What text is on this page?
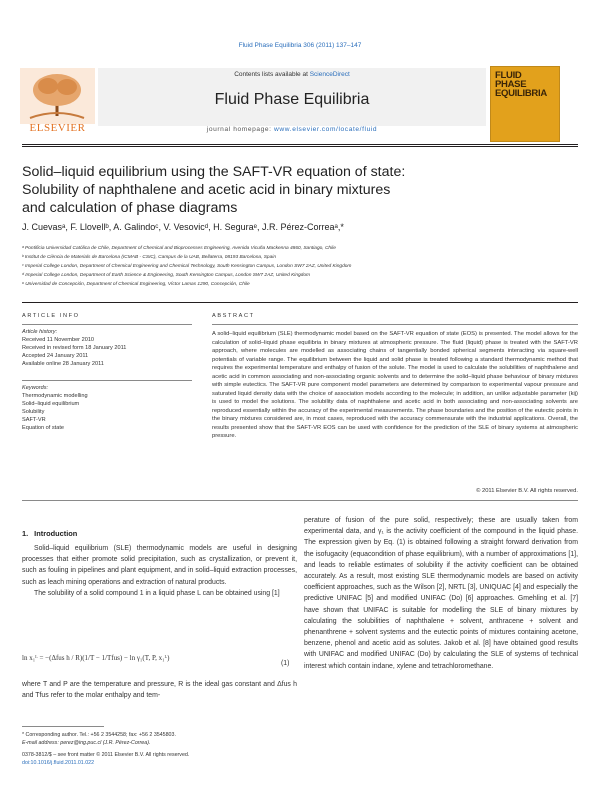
Fluid Phase Equilibria 306 (2011) 137–147
ELSEVIER
Contents lists available at ScienceDirect
Fluid Phase Equilibria
journal homepage: www.elsevier.com/locate/fluid
FLUID PHASE
EQUILIBRIA
Solid–liquid equilibrium using the SAFT-VR equation of state:
Solubility of naphthalene and acetic acid in binary mixtures
and calculation of phase diagrams
J. Cuevasᵃ, F. Llovellᵇ, A. Galindoᶜ, V. Vesovicᵈ, H. Seguraᵉ, J.R. Pérez-Correaᵃ,*
ᵃ Pontificia Universidad Católica de Chile, Department of Chemical and Bioprocesses Engineering, Avenida Vicuña Mackenna 4860, Santiago, Chile
ᵇ Institut de Ciència de Materials de Barcelona (ICMAB - CSIC), Campus de la UAB, Bellaterra, 08193 Barcelona, Spain
ᶜ Imperial College London, Department of Chemical Engineering and Chemical Technology, South Kensington Campus, London SW7 2AZ, United Kingdom
ᵈ Imperial College London, Department of Earth Science & Engineering, South Kensington Campus, London SW7 2AZ, United Kingdom
ᵉ Universidad de Concepción, Department of Chemical Engineering, Víctor Lamas 1290, Concepción, Chile
ARTICLE INFO
Article history:
Received 11 November 2010
Received in revised form 18 January 2011
Accepted 24 January 2011
Available online 28 January 2011
Keywords:
Thermodynamic modelling
Solid–liquid equilibrium
Solubility
SAFT-VR
Equation of state
ABSTRACT
A solid–liquid equilibrium (SLE) thermodynamic model based on the SAFT-VR equation of state (EOS) is presented. The model allows for the calculation of solid–liquid phase equilibria in binary mixtures at atmospheric pressure. The fluid (liquid) phase is treated with the SAFT-VR approach, where molecules are modelled as associating chains of tangentially bonded spherical segments interacting via square-well potentials of variable range. The equilibrium between the liquid and solid phase is treated following a standard thermodynamic method that requires the experimental temperature and enthalpy of fusion of the solute. The model is used to calculate the solubilities of naphthalene and acetic acid in common associating and non-associating organic solvents and to determine the solid–liquid phase behaviour of binary mixtures with simple eutectics. The SAFT-VR pure component model parameters are determined by comparison to experimental vapour pressure and saturated liquid density data with the choice of association models according to the molecule; in addition, an unlike adjustable parameter (kij) is used to model the solutions. The solubility data of naphthalene and acetic acid in both associating and non-associating solvents are reproduced essentially within the accuracy of the experimental measurements. The phase boundaries and the position of the eutectic points in the binary mixtures considered are, in most cases, reproduced with the accuracy commensurate with the industrial applications. Overall, the results presented show that the SAFT-VR EOS can be used with confidence for the prediction of the SLE of binary systems at atmospheric pressure.
© 2011 Elsevier B.V. All rights reserved.
1. Introduction

Solid–liquid equilibrium (SLE) thermodynamic models are useful in designing processes that either promote solid precipitation, such as crystallization, or prevent it, such as fouling in pipelines and plant equipment, and in solid–liquid extraction processes, such as leach mining operations and extraction of natural products.

The solubility of a solid compound 1 in a liquid phase L can be obtained using [1]

ln x₁ᴸ = −(Δfus h / R)(1/T − 1/Tfus) − ln γ₁(T, P, x₁ᴸ)
(1)
where T and P are the temperature and pressure, R is the ideal gas constant and Δfus h and Tfus refer to the molar enthalpy and tem-
* Corresponding author. Tel.: +56 2 3544258; fax: +56 2 3545803.
E-mail address: perez@ing.puc.cl (J.R. Pérez-Correa).
0378-3812/$ – see front matter © 2011 Elsevier B.V. All rights reserved.
doi:10.1016/j.fluid.2011.01.022

perature of fusion of the pure solid, respectively; these are usually taken from experimental data, and γ₁ is the activity coefficient of the compound in the liquid phase. The expression given by Eq. (1) is obtained following a straight forward derivation from the isofugacity (equacondition of phase equilibrium), with a number of approximations [1], and leads to reliable estimates of solubility if the activity coefficient can be obtained accurately. As a result, most existing SLE thermodynamic models are based on activity coefficient approaches, such as the Wilson [2], NRTL [3], UNIQUAC [4] and especially the predictive UNIFAC [5] and modified UNIFAC (Do) [6] approaches. Gmehling et al. [7] have shown that UNIFAC is suitable for modelling the SLE of binary mixtures by calculating the solubilities of naphthalene + solvent, anthracene + solvent and phenanthrene + solvent systems and the eutectic points of mixtures containing acetone, benzene, phenol and acetic acid as solutes. Jakob et al. [8] have obtained good results with UNIFAC and modified UNIFAC (Do) by calculating the SLE of systems of technical interest which contain indane, xylene and tetrachloromethane.
